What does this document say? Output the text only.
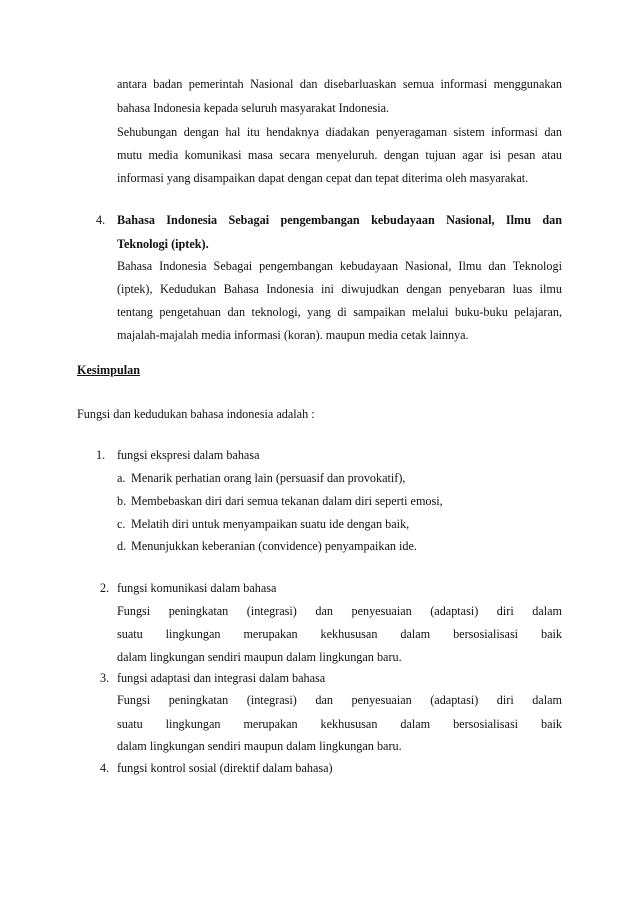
antara badan pemerintah Nasional dan disebarluaskan semua informasi menggunakan
bahasa Indonesia kepada seluruh masyarakat Indonesia.
Sehubungan dengan hal itu hendaknya diadakan penyeragaman sistem informasi dan
mutu media komunikasi masa secara menyeluruh. dengan tujuan agar isi pesan atau
informasi yang disampaikan dapat dengan cepat dan tepat diterima oleh masyarakat.
4. Bahasa Indonesia Sebagai pengembangan kebudayaan Nasional, Ilmu dan
Teknologi (iptek).
Bahasa Indonesia Sebagai pengembangan kebudayaan Nasional, Ilmu dan Teknologi
(iptek), Kedudukan Bahasa Indonesia ini diwujudkan dengan penyebaran luas ilmu
tentang pengetahuan dan teknologi, yang di sampaikan melalui buku-buku pelajaran,
majalah-majalah media informasi (koran). maupun media cetak lainnya.
Kesimpulan
Fungsi dan kedudukan bahasa indonesia adalah :
1. fungsi ekspresi dalam bahasa
a. Menarik perhatian orang lain (persuasif dan provokatif),
b. Membebaskan diri dari semua tekanan dalam diri seperti emosi,
c. Melatih diri untuk menyampaikan suatu ide dengan baik,
d. Menunjukkan keberanian (convidence) penyampaikan ide.
2. fungsi komunikasi dalam bahasa
Fungsi peningkatan (integrasi) dan penyesuaian (adaptasi) diri dalam
suatu lingkungan merupakan kekhususan dalam bersosialisasi baik
dalam lingkungan sendiri maupun dalam lingkungan baru.
3. fungsi adaptasi dan integrasi dalam bahasa
Fungsi peningkatan (integrasi) dan penyesuaian (adaptasi) diri dalam
suatu lingkungan merupakan kekhususan dalam bersosialisasi baik
dalam lingkungan sendiri maupun dalam lingkungan baru.
4. fungsi kontrol sosial (direktif dalam bahasa)
